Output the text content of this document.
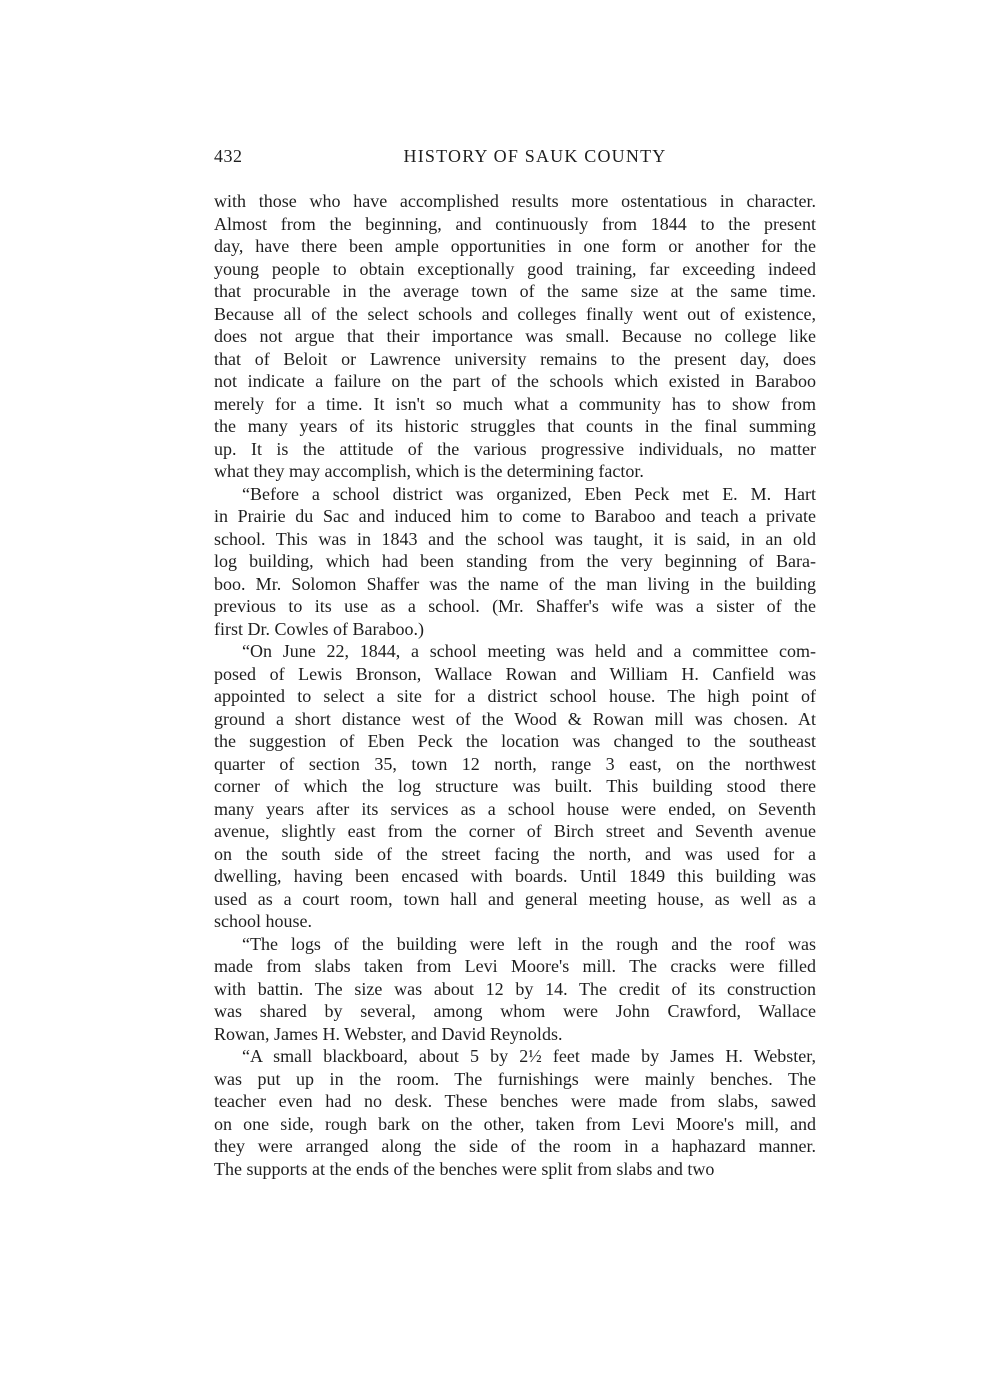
432	HISTORY OF SAUK COUNTY
with those who have accomplished results more ostentatious in character.
Almost from the beginning, and continuously from 1844 to the present
day, have there been ample opportunities in one form or another for the
young people to obtain exceptionally good training, far exceeding indeed
that procurable in the average town of the same size at the same time.
Because all of the select schools and colleges finally went out of existence,
does not argue that their importance was small. Because no college like
that of Beloit or Lawrence university remains to the present day, does
not indicate a failure on the part of the schools which existed in Baraboo
merely for a time. It isn't so much what a community has to show from
the many years of its historic struggles that counts in the final summing
up. It is the attitude of the various progressive individuals, no matter
what they may accomplish, which is the determining factor.
“Before a school district was organized, Eben Peck met E. M. Hart
in Prairie du Sac and induced him to come to Baraboo and teach a private
school. This was in 1843 and the school was taught, it is said, in an old
log building, which had been standing from the very beginning of Bara-
boo. Mr. Solomon Shaffer was the name of the man living in the building
previous to its use as a school. (Mr. Shaffer's wife was a sister of the
first Dr. Cowles of Baraboo.)
“On June 22, 1844, a school meeting was held and a committee com-
posed of Lewis Bronson, Wallace Rowan and William H. Canfield was
appointed to select a site for a district school house. The high point of
ground a short distance west of the Wood & Rowan mill was chosen. At
the suggestion of Eben Peck the location was changed to the southeast
quarter of section 35, town 12 north, range 3 east, on the northwest
corner of which the log structure was built. This building stood there
many years after its services as a school house were ended, on Seventh
avenue, slightly east from the corner of Birch street and Seventh avenue
on the south side of the street facing the north, and was used for a
dwelling, having been encased with boards. Until 1849 this building was
used as a court room, town hall and general meeting house, as well as a
school house.
“The logs of the building were left in the rough and the roof was
made from slabs taken from Levi Moore's mill. The cracks were filled
with battin. The size was about 12 by 14. The credit of its construction
was shared by several, among whom were John Crawford, Wallace
Rowan, James H. Webster, and David Reynolds.
“A small blackboard, about 5 by 2½ feet made by James H. Webster,
was put up in the room. The furnishings were mainly benches. The
teacher even had no desk. These benches were made from slabs, sawed
on one side, rough bark on the other, taken from Levi Moore's mill, and
they were arranged along the side of the room in a haphazard manner.
The supports at the ends of the benches were split from slabs and two
